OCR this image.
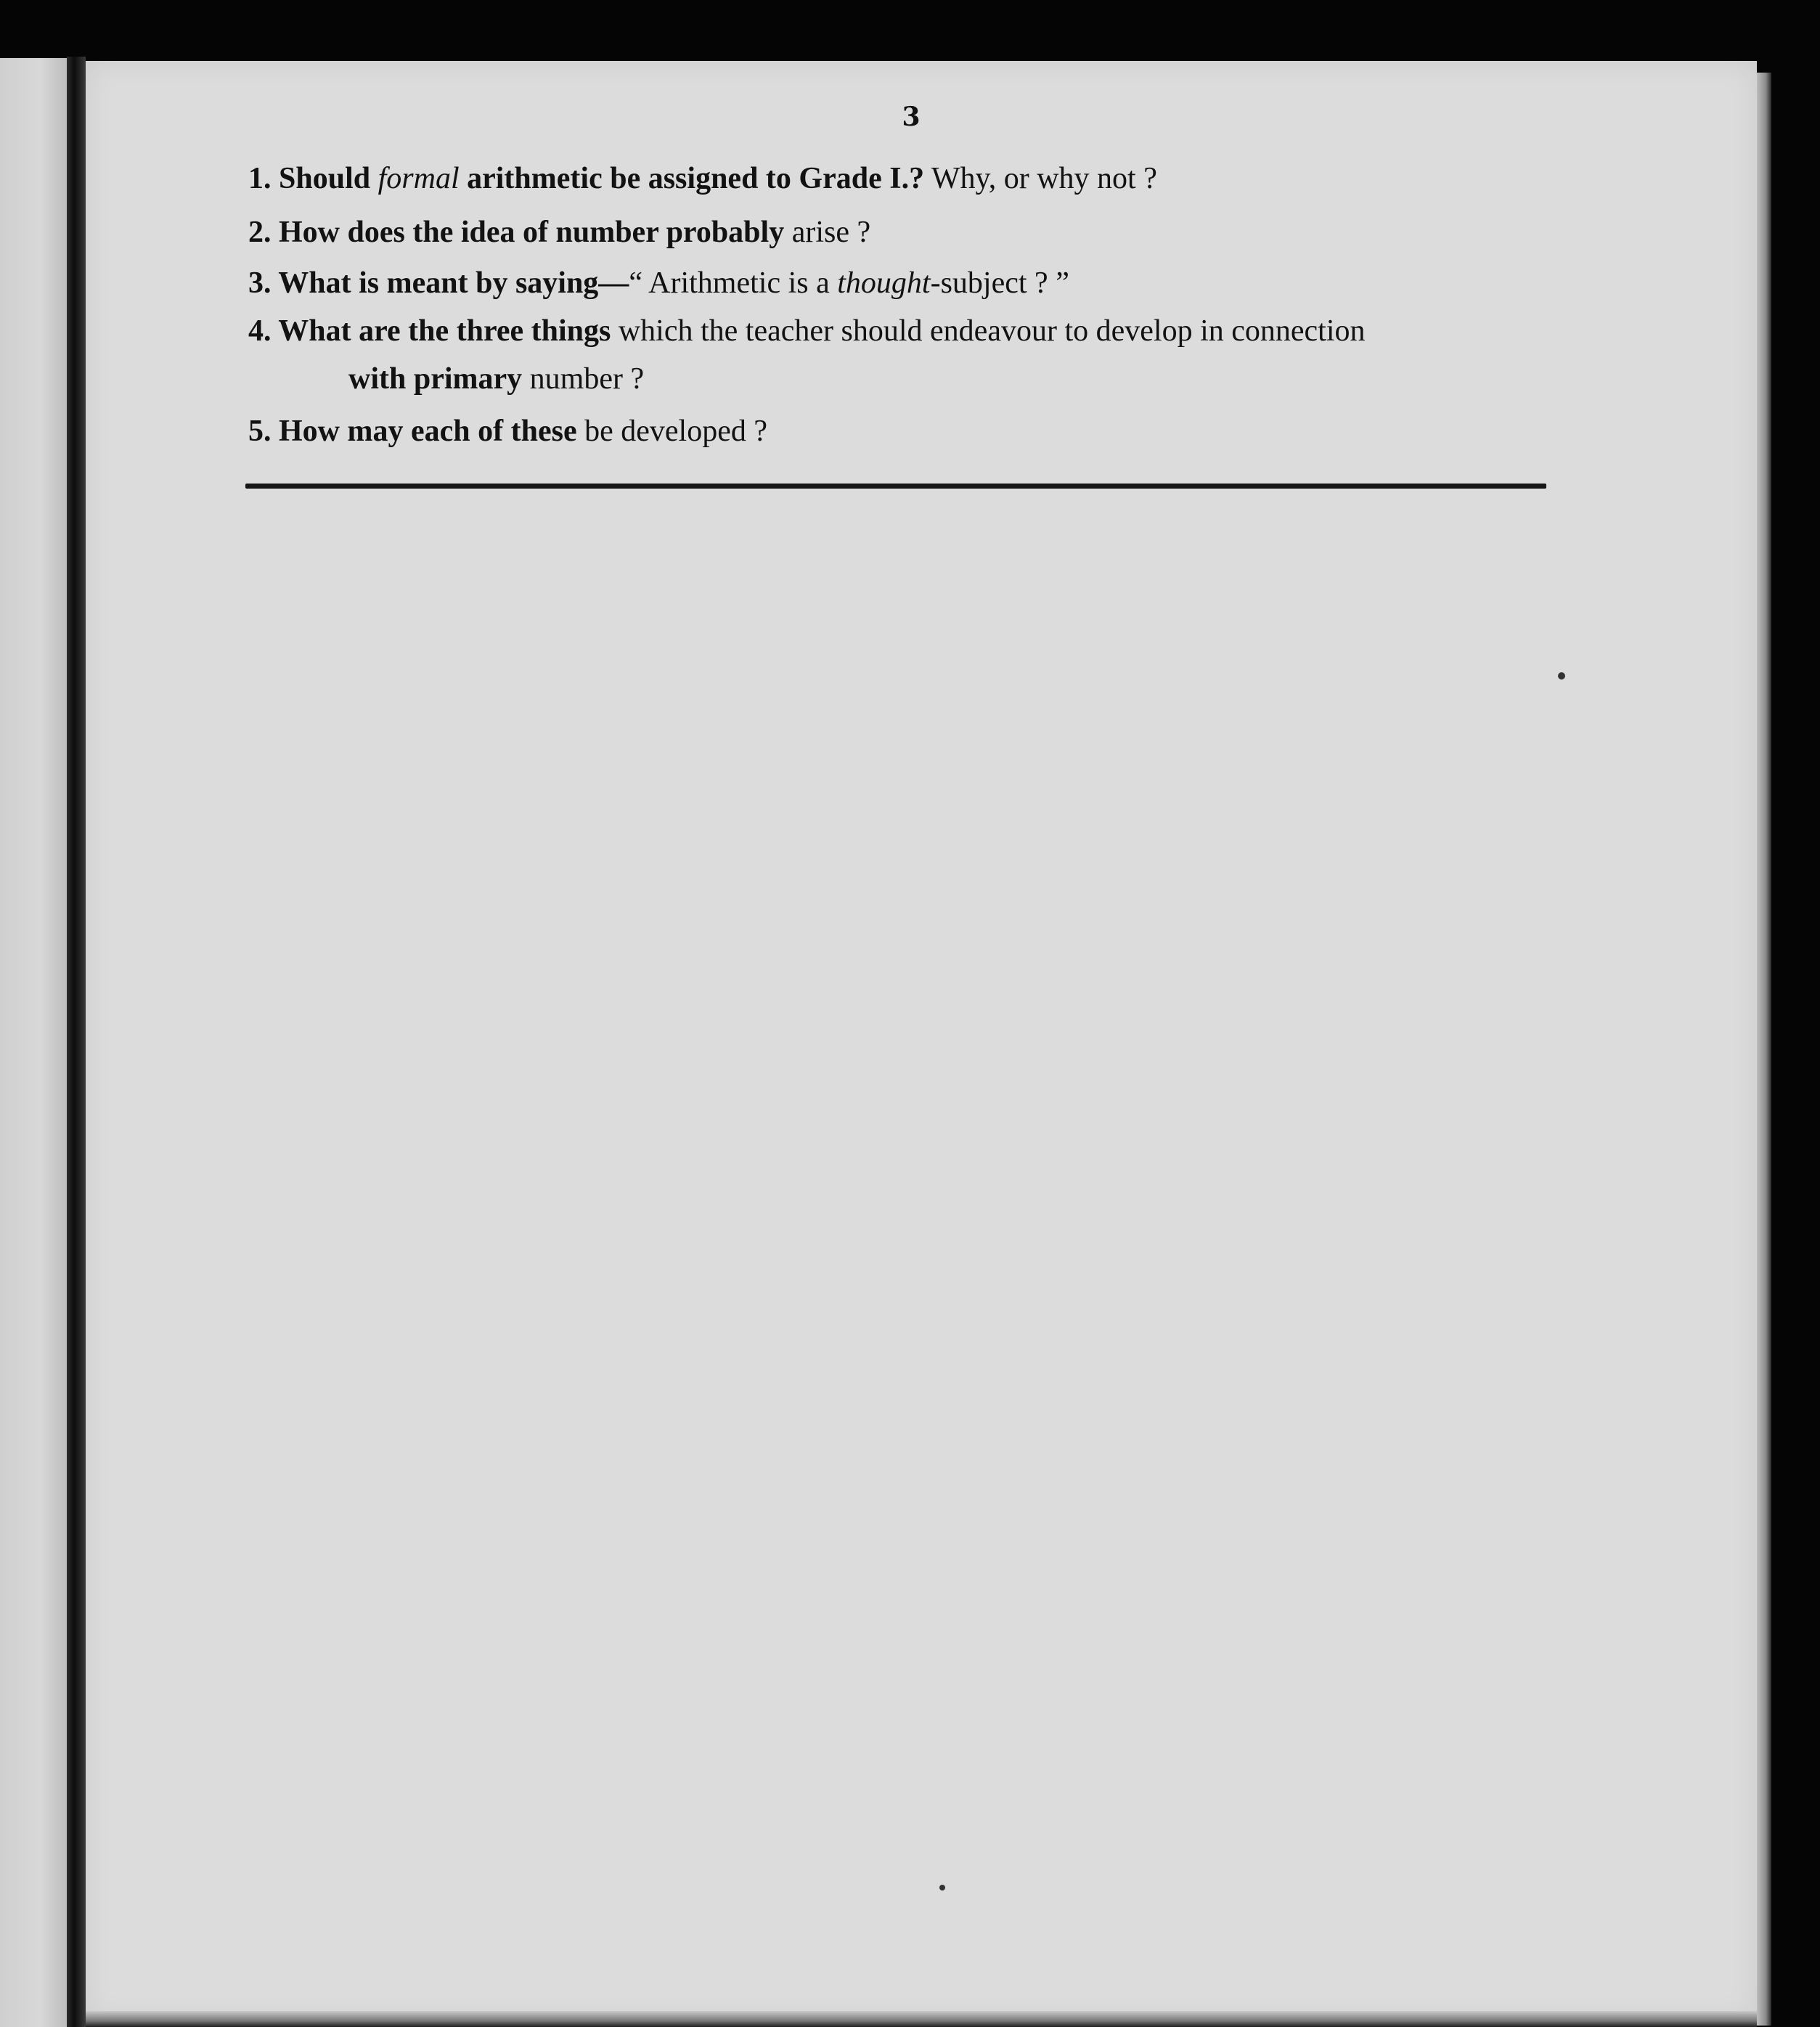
3
1. Should formal arithmetic be assigned to Grade I.? Why, or why not ?
2. How does the idea of number probably arise ?
3. What is meant by saying—“ Arithmetic is a thought-subject ? ”
4. What are the three things which the teacher should endeavour to develop in connection
with primary number ?
5. How may each of these be developed ?
